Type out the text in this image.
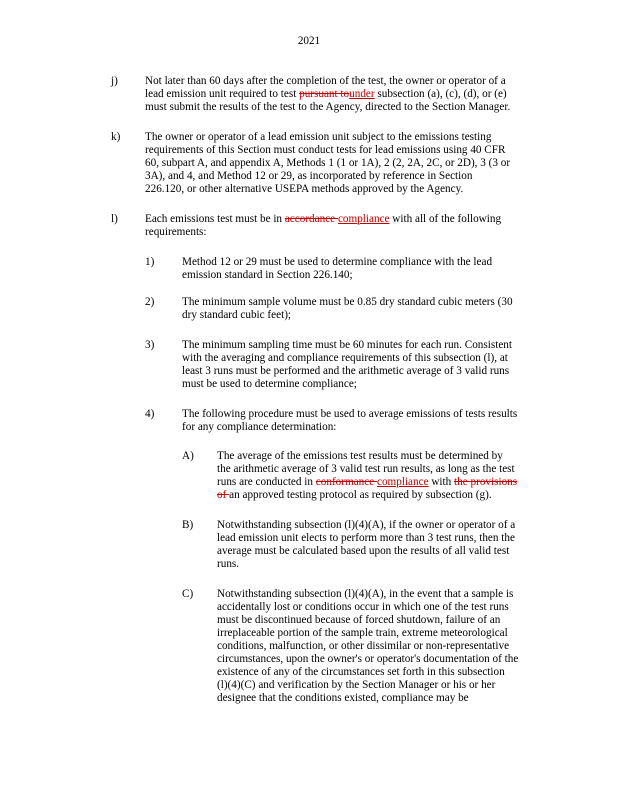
2021
j) Not later than 60 days after the completion of the test, the owner or operator of a
lead emission unit required to test pursuant tounder subsection (a), (c), (d), or (e)
must submit the results of the test to the Agency, directed to the Section Manager.
k) The owner or operator of a lead emission unit subject to the emissions testing
requirements of this Section must conduct tests for lead emissions using 40 CFR
60, subpart A, and appendix A, Methods 1 (1 or 1A), 2 (2, 2A, 2C, or 2D), 3 (3 or
3A), and 4, and Method 12 or 29, as incorporated by reference in Section
226.120, or other alternative USEPA methods approved by the Agency.
l) Each emissions test must be in accordance compliance with all of the following
requirements:
1) Method 12 or 29 must be used to determine compliance with the lead
emission standard in Section 226.140;
2) The minimum sample volume must be 0.85 dry standard cubic meters (30
dry standard cubic feet);
3) The minimum sampling time must be 60 minutes for each run. Consistent
with the averaging and compliance requirements of this subsection (l), at
least 3 runs must be performed and the arithmetic average of 3 valid runs
must be used to determine compliance;
4) The following procedure must be used to average emissions of tests results
for any compliance determination:
A) The average of the emissions test results must be determined by
the arithmetic average of 3 valid test run results, as long as the test
runs are conducted in conformance compliance with the provisions
of an approved testing protocol as required by subsection (g).
B) Notwithstanding subsection (l)(4)(A), if the owner or operator of a
lead emission unit elects to perform more than 3 test runs, then the
average must be calculated based upon the results of all valid test
runs.
C) Notwithstanding subsection (l)(4)(A), in the event that a sample is
accidentally lost or conditions occur in which one of the test runs
must be discontinued because of forced shutdown, failure of an
irreplaceable portion of the sample train, extreme meteorological
conditions, malfunction, or other dissimilar or non-representative
circumstances, upon the owner's or operator's documentation of the
existence of any of the circumstances set forth in this subsection
(l)(4)(C) and verification by the Section Manager or his or her
designee that the conditions existed, compliance may be
